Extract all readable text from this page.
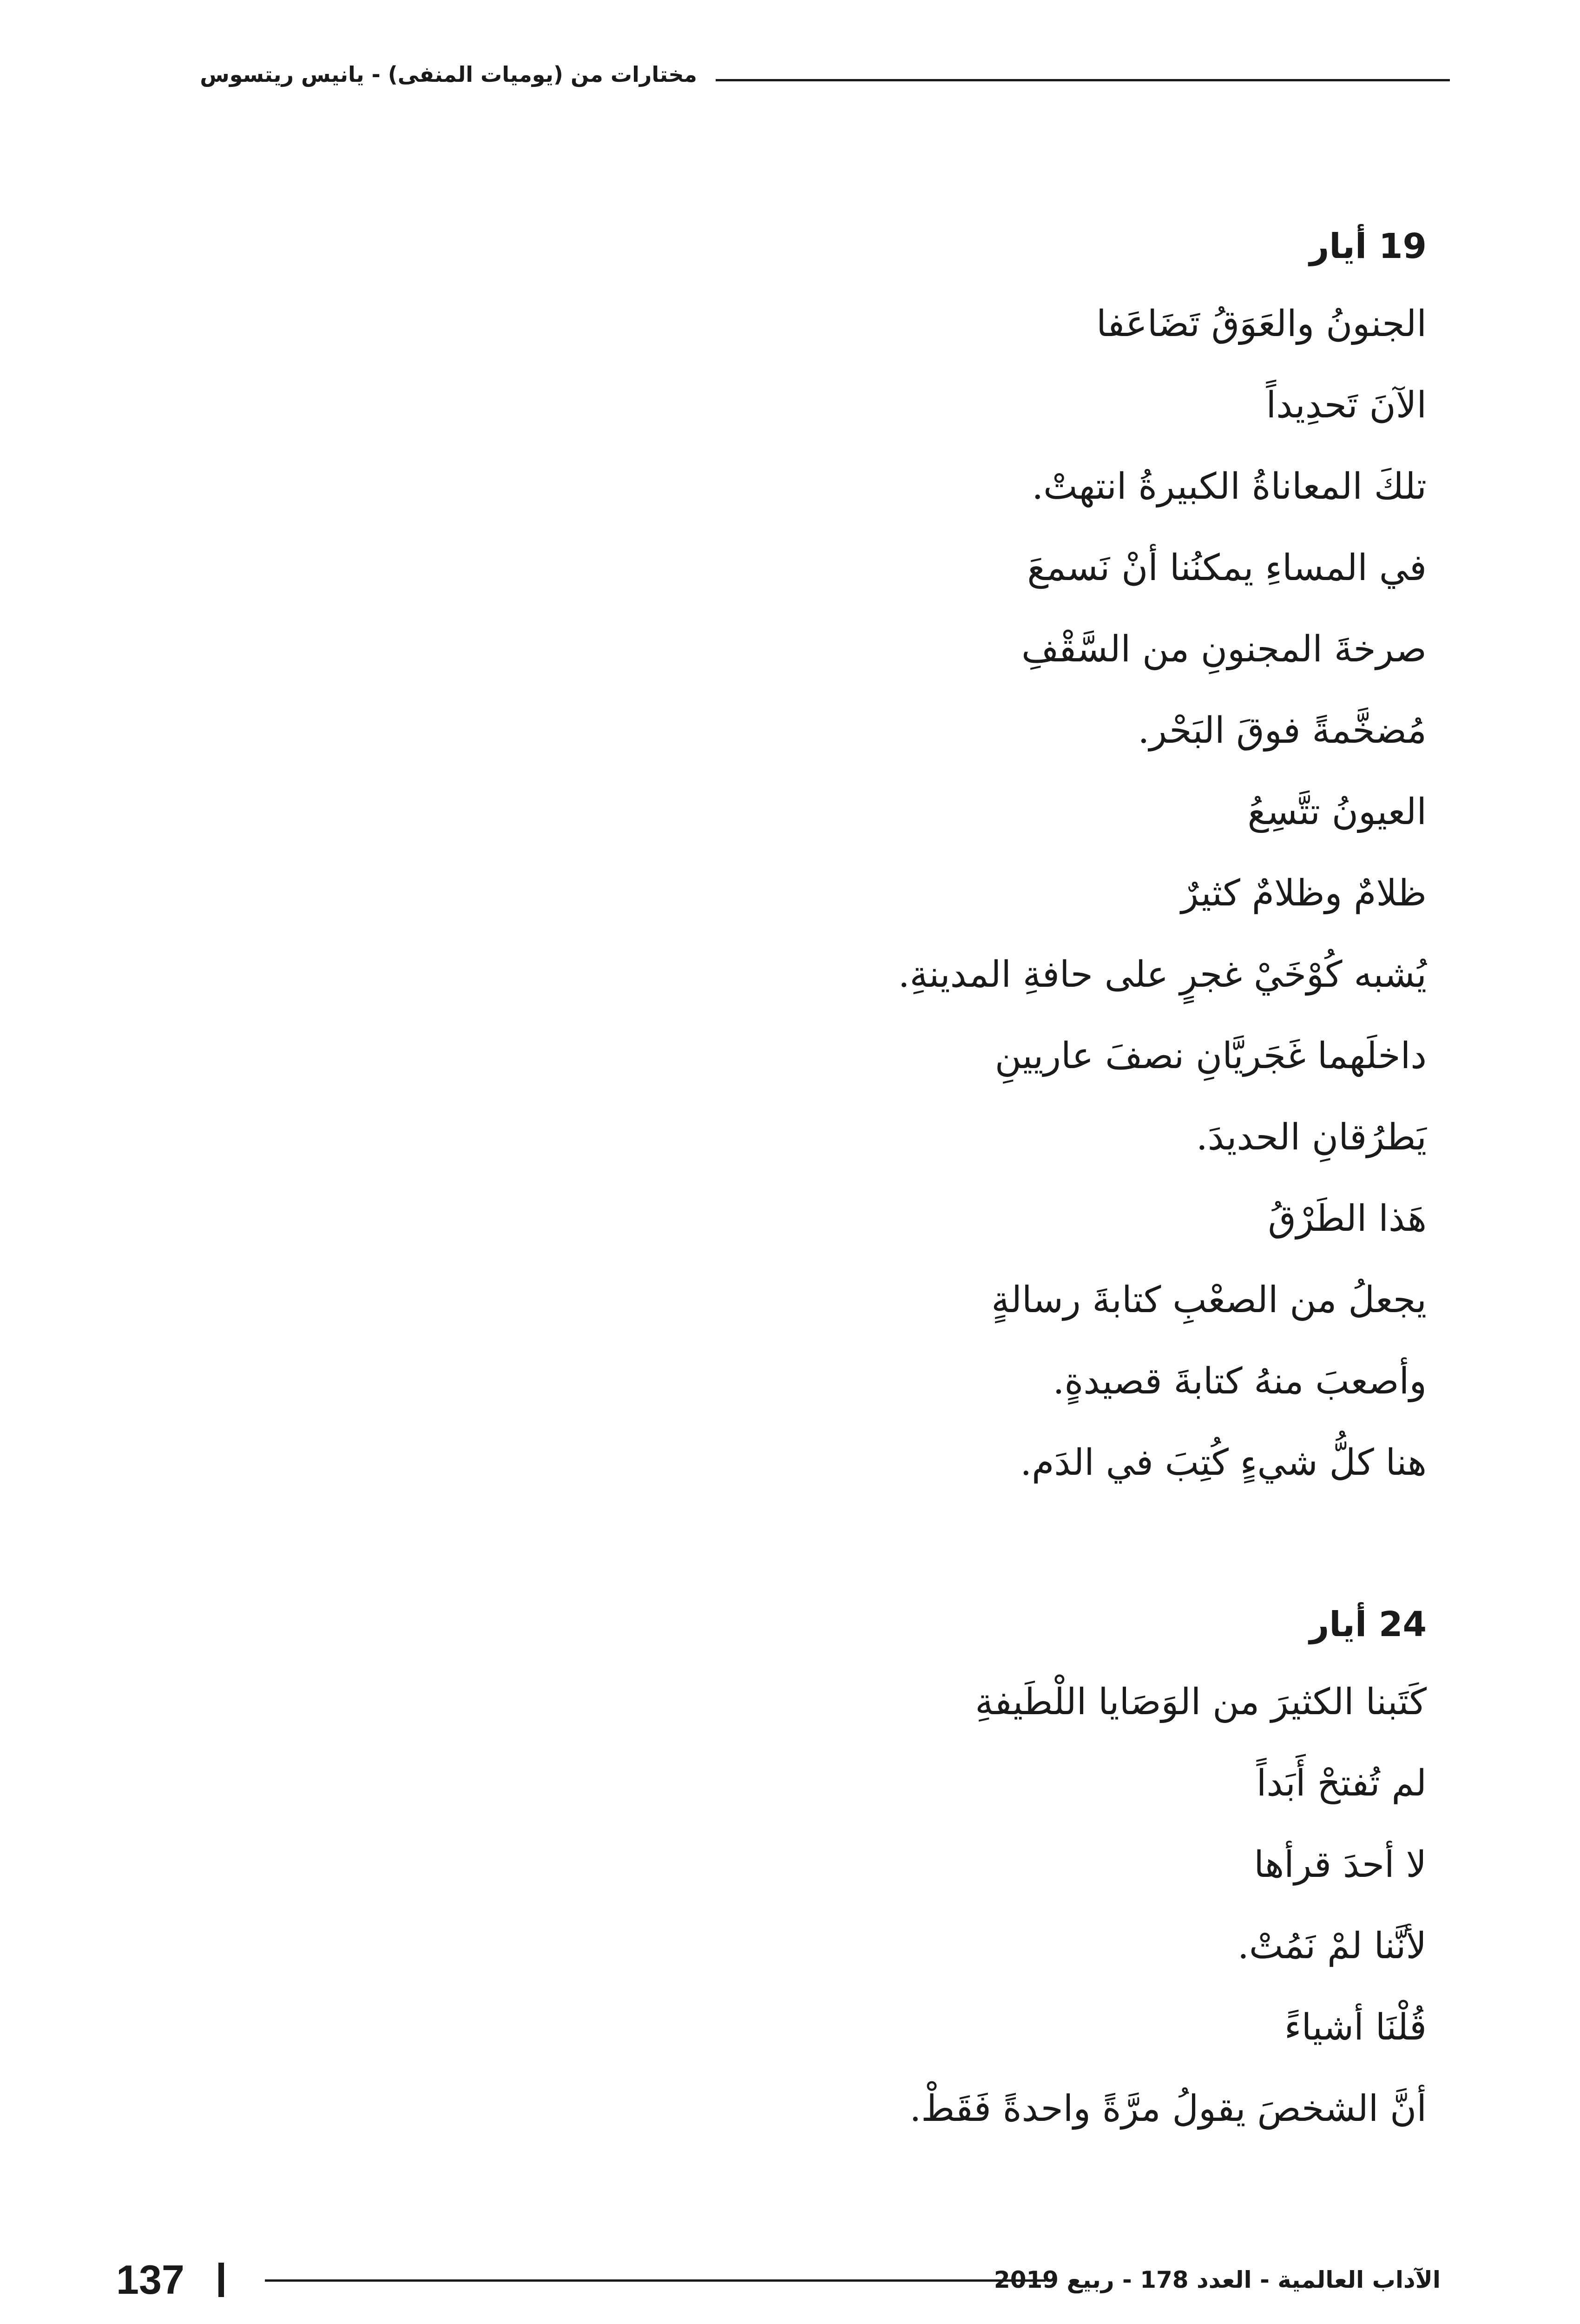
مختارات من (يوميات المنفى) - يانيس ريتسوس
19 أيار
الجنونُ والعَوَقُ تَضَاعَفا
الآنَ تَحدِيداً
تلكَ المعاناةُ الكبيرةُ انتهتْ.
في المساءِ يمكنُنا أنْ نَسمعَ
صرخةَ المجنونِ من السَّقْفِ
مُضخَّمةً فوقَ البَحْر.
العيونُ تتَّسِعُ
ظلامٌ وظلامٌ كثيرٌ
يُشبه كُوْخَيْ غجرٍ على حافةِ المدينةِ.
داخلَهما غَجَريَّانِ نصفَ عاريينِ
يَطرُقانِ الحديدَ.
هَذا الطَرْقُ
يجعلُ من الصعْبِ كتابةَ رسالةٍ
وأصعبَ منهُ كتابةَ قصيدةٍ.
هنا كلُّ شيءٍ كُتِبَ في الدَم.
24 أيار
كَتَبنا الكثيرَ من الوَصَايا اللْطَيفةِ
لم تُفتحْ أَبَداً
لا أحدَ قرأها
لأنَّنا لمْ نَمُتْ.
قُلْنَا أشياءً
أنَّ الشخصَ يقولُ مرَّةً واحدةً فَقَطْ.
137	الآداب العالمية - العدد 178 - ربيع 2019
